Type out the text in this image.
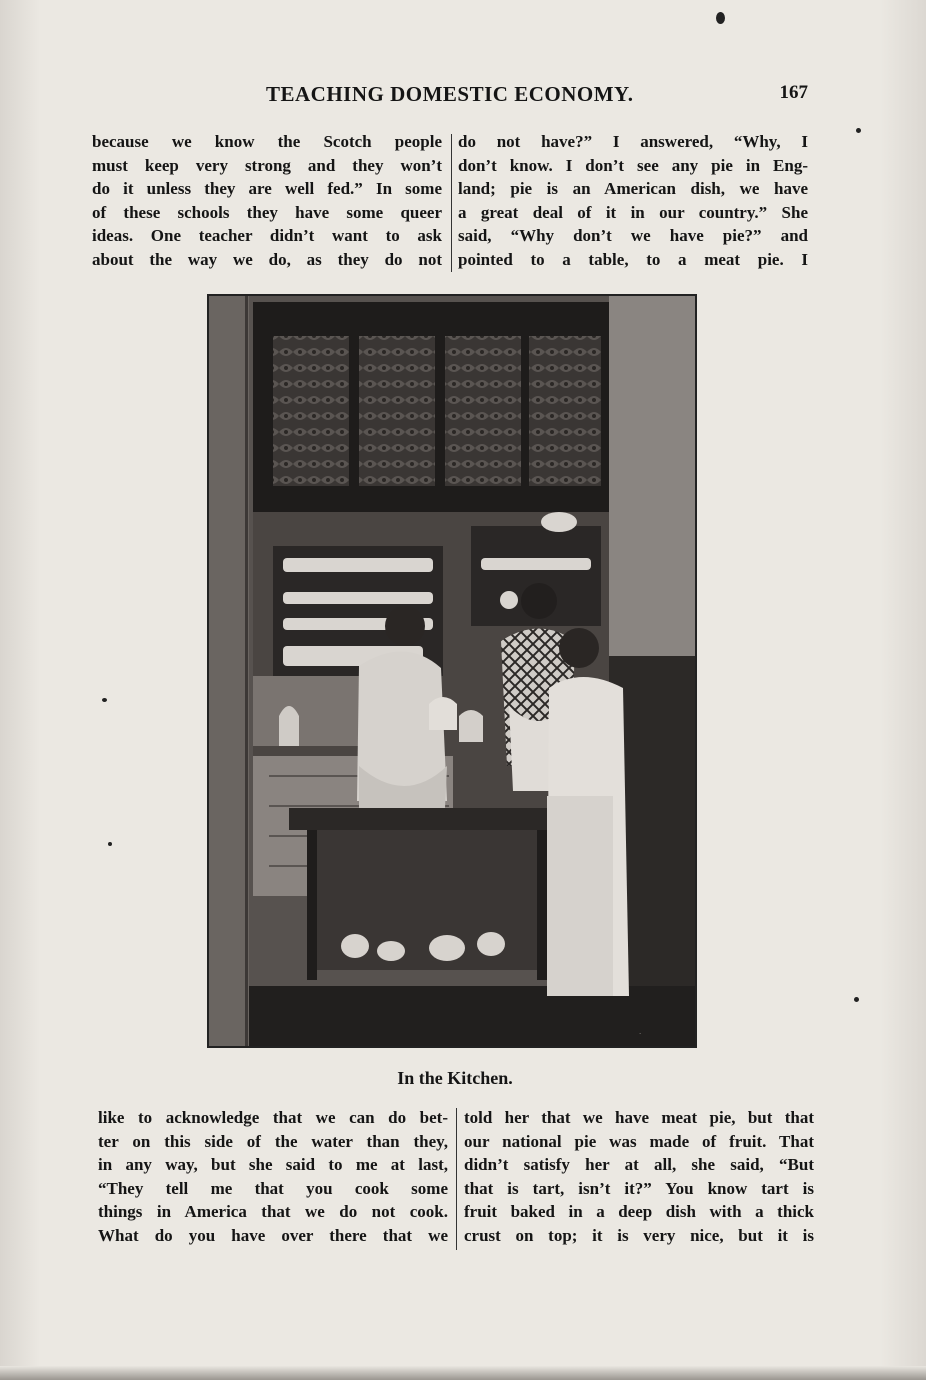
TEACHING DOMESTIC ECONOMY.	167
because we know the Scotch people
must keep very strong and they won’t
do it unless they are well fed.” In some
of these schools they have some queer
ideas. One teacher didn’t want to ask
about the way we do, as they do not
do not have?” I answered, “Why, I
don’t know. I don’t see any pie in Eng-
land; pie is an American dish, we have
a great deal of it in our country.” She
said, “Why don’t we have pie?” and
pointed to a table, to a meat pie. I
·
In the Kitchen.
like to acknowledge that we can do bet-
ter on this side of the water than they,
in any way, but she said to me at last,
“They tell me that you cook some
things in America that we do not cook.
What do you have over there that we
told her that we have meat pie, but that
our national pie was made of fruit. That
didn’t satisfy her at all, she said, “But
that is tart, isn’t it?” You know tart is
fruit baked in a deep dish with a thick
crust on top; it is very nice, but it is
